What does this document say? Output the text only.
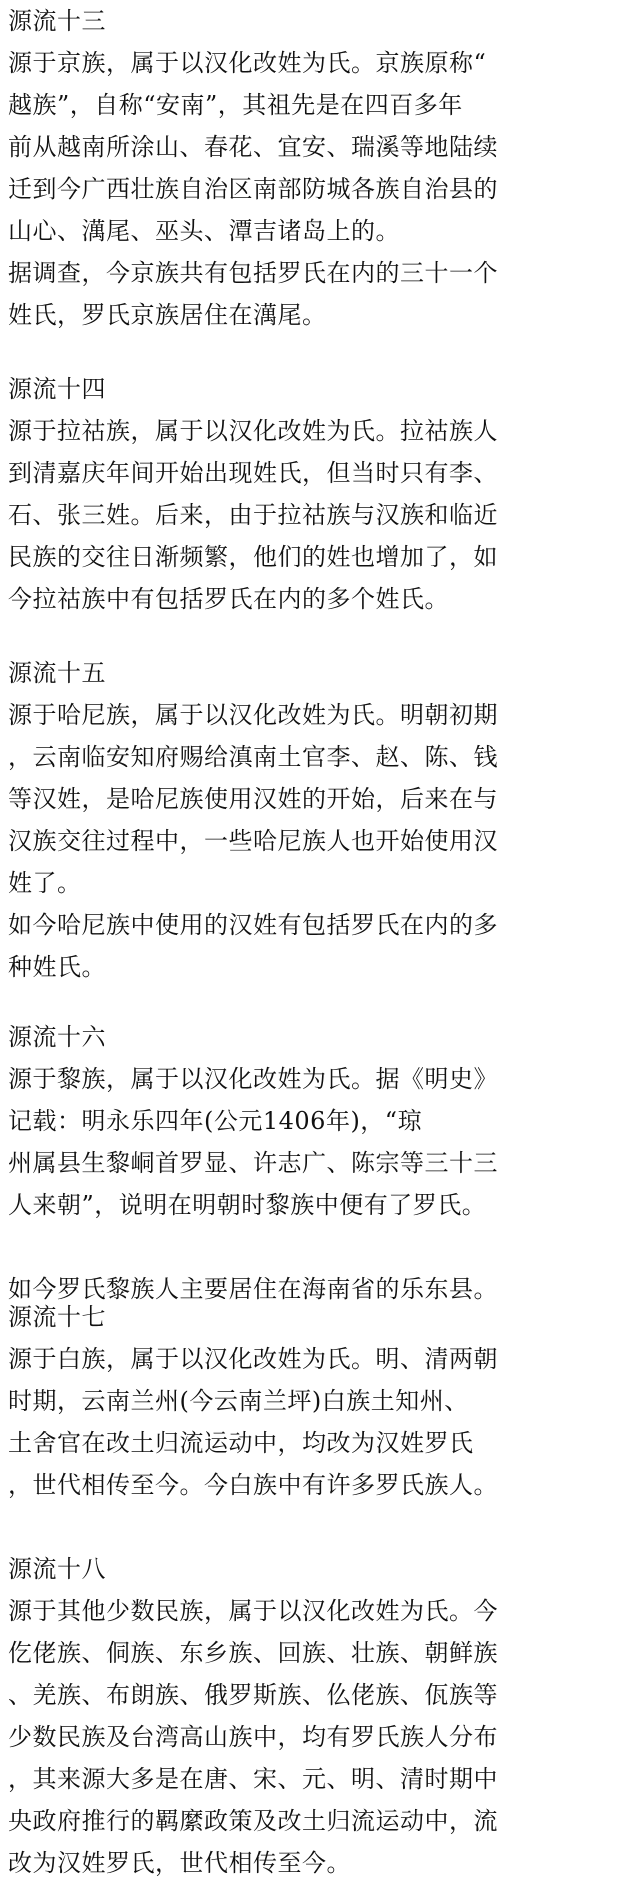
源流十三
源于京族，属于以汉化改姓为氏。京族原称“
越族”，自称“安南”，其祖先是在四百多年
前从越南所涂山、春花、宜安、瑞溪等地陆续
迁到今广西壮族自治区南部防城各族自治县的
山心、澫尾、巫头、潭吉诸岛上的。
据调查，今京族共有包括罗氏在内的三十一个
姓氏，罗氏京族居住在澫尾。
源流十四
源于拉祜族，属于以汉化改姓为氏。拉祜族人
到清嘉庆年间开始出现姓氏，但当时只有李、
石、张三姓。后来，由于拉祜族与汉族和临近
民族的交往日渐频繁，他们的姓也增加了，如
今拉祜族中有包括罗氏在内的多个姓氏。
源流十五
源于哈尼族，属于以汉化改姓为氏。明朝初期
，云南临安知府赐给滇南土官李、赵、陈、钱
等汉姓，是哈尼族使用汉姓的开始，后来在与
汉族交往过程中，一些哈尼族人也开始使用汉
姓了。
如今哈尼族中使用的汉姓有包括罗氏在内的多
种姓氏。
源流十六
源于黎族，属于以汉化改姓为氏。据《明史》
记载：明永乐四年(公元1406年)，“琼
州属县生黎峒首罗显、许志广、陈宗等三十三
人来朝”，说明在明朝时黎族中便有了罗氏。
如今罗氏黎族人主要居住在海南省的乐东县。
源流十七
源于白族，属于以汉化改姓为氏。明、清两朝
时期，云南兰州(今云南兰坪)白族土知州、
土舍官在改土归流运动中，均改为汉姓罗氏
，世代相传至今。今白族中有许多罗氏族人。
源流十八
源于其他少数民族，属于以汉化改姓为氏。今
仡佬族、侗族、东乡族、回族、壮族、朝鲜族
、羌族、布朗族、俄罗斯族、仫佬族、佤族等
少数民族及台湾高山族中，均有罗氏族人分布
，其来源大多是在唐、宋、元、明、清时期中
央政府推行的羁縻政策及改土归流运动中，流
改为汉姓罗氏，世代相传至今。
